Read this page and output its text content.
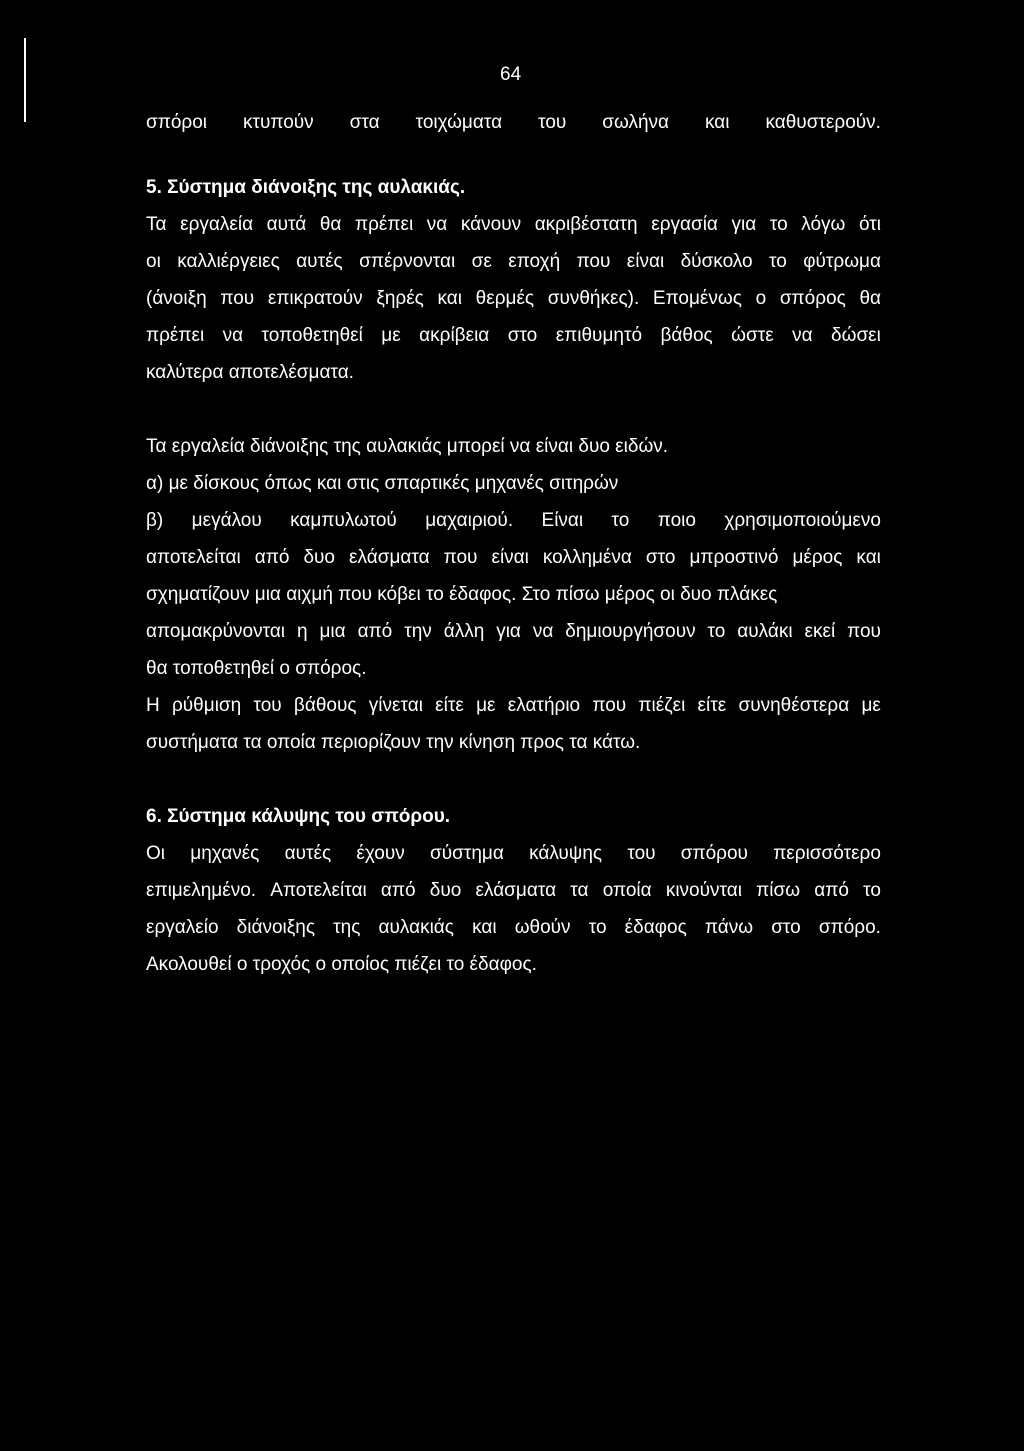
64
σπόροι κτυπούν στα τοιχώματα του σωλήνα και καθυστερούν.
5. Σύστημα διάνοιξης της αυλακιάς.
Τα εργαλεία αυτά θα πρέπει να κάνουν ακριβέστατη εργασία για το λόγω ότι
οι καλλιέργειες αυτές σπέρνονται σε εποχή που είναι δύσκολο το φύτρωμα
(άνοιξη που επικρατούν ξηρές και θερμές συνθήκες). Επομένως ο σπόρος θα
πρέπει να τοποθετηθεί με ακρίβεια στο επιθυμητό βάθος ώστε να δώσει
καλύτερα αποτελέσματα.
Τα εργαλεία διάνοιξης της αυλακιάς μπορεί να είναι δυο ειδών.
α) με δίσκους όπως και στις σπαρτικές μηχανές σιτηρών
β) μεγάλου καμπυλωτού μαχαιριού. Είναι το ποιο χρησιμοποιούμενο
αποτελείται από δυο ελάσματα που είναι κολλημένα στο μπροστινό μέρος και
σχηματίζουν μια αιχμή που κόβει το έδαφος. Στο πίσω μέρος οι δυο πλάκες
απομακρύνονται η μια από την άλλη για να δημιουργήσουν το αυλάκι εκεί που
θα τοποθετηθεί ο σπόρος.
Η ρύθμιση του βάθους γίνεται είτε με ελατήριο που πιέζει είτε συνηθέστερα με
συστήματα τα οποία περιορίζουν την κίνηση προς τα κάτω.
6. Σύστημα κάλυψης του σπόρου.
Οι μηχανές αυτές έχουν σύστημα κάλυψης του σπόρου περισσότερο
επιμελημένο. Αποτελείται από δυο ελάσματα τα οποία κινούνται πίσω από το
εργαλείο διάνοιξης της αυλακιάς και ωθούν το έδαφος πάνω στο σπόρο.
Ακολουθεί ο τροχός ο οποίος πιέζει το έδαφος.
